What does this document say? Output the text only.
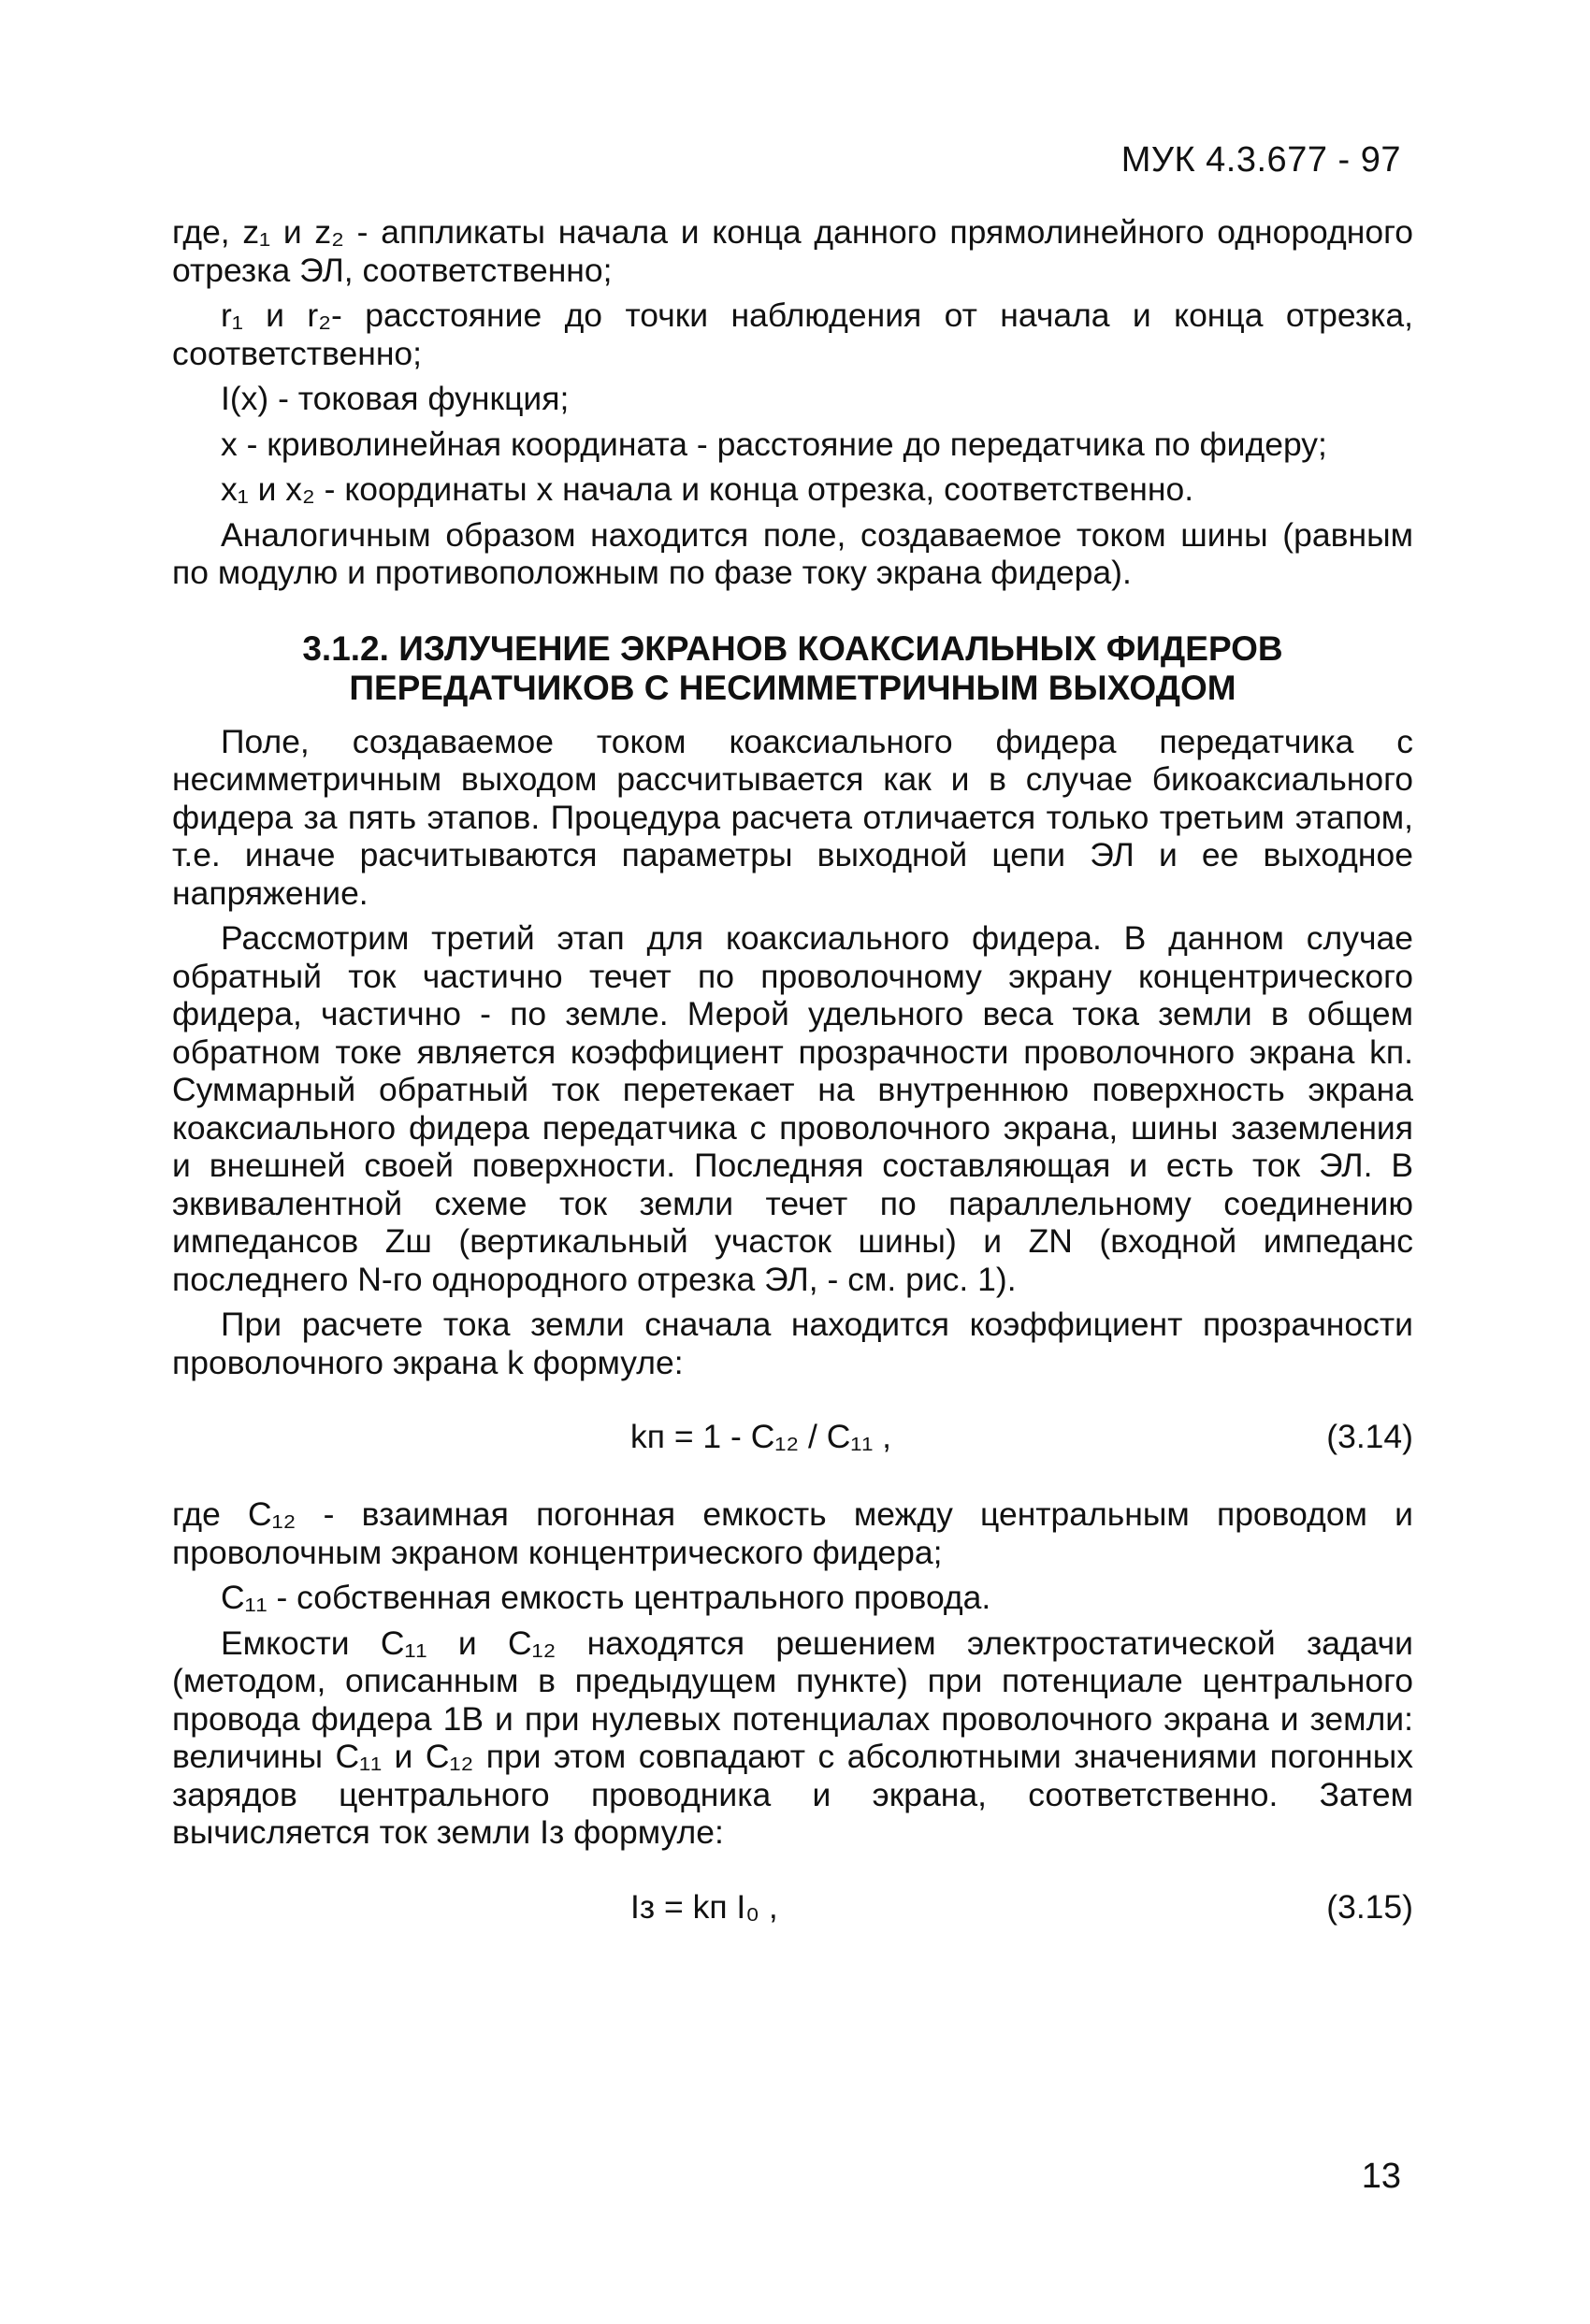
МУК 4.3.677 - 97

где, z₁ и z₂ - аппликаты начала и конца данного прямолинейного однородного отрезка ЭЛ, соответственно;

r₁ и r₂- расстояние до точки наблюдения от начала и конца отрезка, соответственно;

I(x) - токовая функция;

x - криволинейная координата - расстояние до передатчика по фидеру;

x₁ и x₂ - координаты x начала и конца отрезка, соответственно.

Аналогичным образом находится поле, создаваемое током шины (равным по модулю и противоположным по фазе току экрана фидера).

3.1.2. ИЗЛУЧЕНИЕ ЭКРАНОВ КОАКСИАЛЬНЫХ ФИДЕРОВ
ПЕРЕДАТЧИКОВ С НЕСИММЕТРИЧНЫМ ВЫХОДОМ

Поле, создаваемое током коаксиального фидера передатчика с несимметричным выходом рассчитывается как и в случае бикоаксиального фидера за пять этапов. Процедура расчета отличается только третьим этапом, т.е. иначе расчитываются параметры выходной цепи ЭЛ и ее выходное напряжение.

Рассмотрим третий этап для коаксиального фидера. В данном случае обратный ток частично течет по проволочному экрану концентрического фидера, частично - по земле. Мерой удельного веса тока земли в общем обратном токе является коэффициент прозрачности проволочного экрана kп. Суммарный обратный ток перетекает на внутреннюю поверхность экрана коаксиального фидера передатчика с проволочного экрана, шины заземления и внешней своей поверхности. Последняя составляющая и есть ток ЭЛ. В эквивалентной схеме ток земли течет по параллельному соединению импедансов Zш (вертикальный участок шины) и ZN (входной импеданс последнего N-го однородного отрезка ЭЛ, - см. рис. 1).

При расчете тока земли сначала находится коэффициент прозрачности проволочного экрана k формуле:

kп = 1 - C₁₂ / C₁₁ ,	(3.14)

где C₁₂ - взаимная погонная емкость между центральным проводом и проволочным экраном концентрического фидера;

C₁₁ - собственная емкость центрального провода.

Емкости C₁₁ и C₁₂ находятся решением электростатической задачи (методом, описанным в предыдущем пункте) при потенциале центрального провода фидера 1В и при нулевых потенциалах проволочного экрана и земли: величины C₁₁ и C₁₂ при этом совпадают с абсолютными значениями погонных зарядов центрального проводника и экрана, соответственно. Затем вычисляется ток земли Iз формуле:

Iз = kп I₀ ,	(3.15)
13
